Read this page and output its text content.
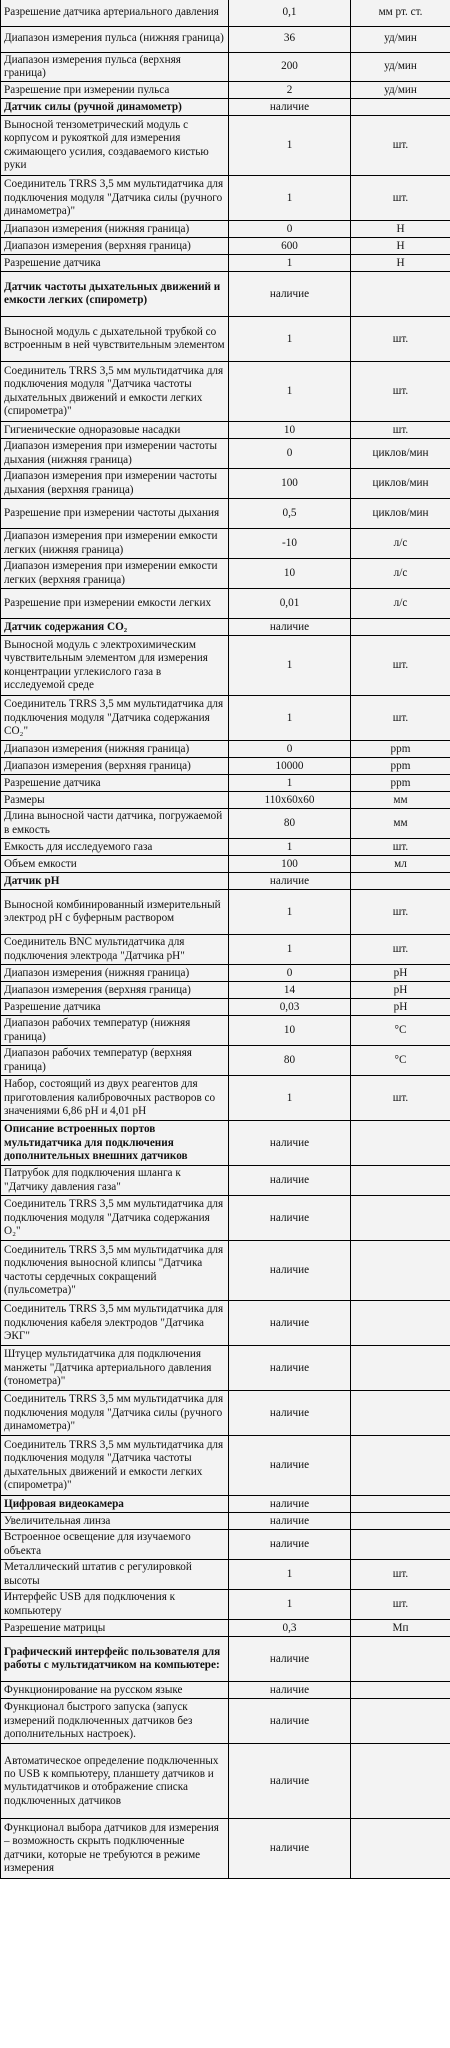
Разрешение датчика артериального давления	0,1	мм рт. ст.
Диапазон измерения пульса (нижняя граница)	36	уд/мин
Диапазон измерения пульса (верхняя граница)	200	уд/мин
Разрешение при измерении пульса	2	уд/мин
Датчик силы (ручной динамометр)	наличие	
Выносной тензометрический модуль с корпусом и рукояткой для измерения сжимающего усилия, создаваемого кистью руки	1	шт.
Соединитель TRRS 3,5 мм мультидатчика для подключения модуля "Датчика силы (ручного динамометра)"	1	шт.
Диапазон измерения (нижняя граница)	0	Н
Диапазон измерения (верхняя граница)	600	Н
Разрешение датчика	1	Н
Датчик частоты дыхательных движений и емкости легких (спирометр)	наличие	
Выносной модуль с дыхательной трубкой со встроенным в ней чувствительным элементом	1	шт.
Соединитель TRRS 3,5 мм мультидатчика для подключения модуля "Датчика частоты дыхательных движений и емкости легких (спирометра)"	1	шт.
Гигиенические одноразовые насадки	10	шт.
Диапазон измерения при измерении частоты дыхания (нижняя граница)	0	циклов/мин
Диапазон измерения при измерении частоты дыхания (верхняя граница)	100	циклов/мин
Разрешение при измерении частоты дыхания	0,5	циклов/мин
Диапазон измерения при измерении емкости легких (нижняя граница)	-10	л/с
Диапазон измерения при измерении емкости легких (верхняя граница)	10	л/с
Разрешение при измерении емкости легких	0,01	л/с
Датчик содержания CO₂	наличие	
Выносной модуль с электрохимическим чувствительным элементом для измерения концентрации углекислого газа в исследуемой среде	1	шт.
Соединитель TRRS 3,5 мм мультидатчика для подключения модуля "Датчика содержания CO₂"	1	шт.
Диапазон измерения (нижняя граница)	0	ppm
Диапазон измерения (верхняя граница)	10000	ppm
Разрешение датчика	1	ppm
Размеры	110х60х60	мм
Длина выносной части датчика, погружаемой в емкость	80	мм
Емкость для исследуемого газа	1	шт.
Объем емкости	100	мл
Датчик pH	наличие	
Выносной комбинированный измерительный электрод pH с буферным раствором	1	шт.
Соединитель BNC мультидатчика для подключения электрода "Датчика pH"	1	шт.
Диапазон измерения (нижняя граница)	0	pH
Диапазон измерения (верхняя граница)	14	pH
Разрешение датчика	0,03	pH
Диапазон рабочих температур (нижняя граница)	10	°C
Диапазон рабочих температур (верхняя граница)	80	°C
Набор, состоящий из двух реагентов для приготовления калибровочных растворов со значениями 6,86 pH и 4,01 pH	1	шт.
Описание встроенных портов мультидатчика для подключения дополнительных внешних датчиков	наличие	
Патрубок для подключения шланга к "Датчику давления газа"	наличие	
Соединитель TRRS 3,5 мм мультидатчика для подключения модуля "Датчика содержания O₂"	наличие	
Соединитель TRRS 3,5 мм мультидатчика для подключения выносной клипсы "Датчика частоты сердечных сокращений (пульсометра)"	наличие	
Соединитель TRRS 3,5 мм мультидатчика для подключения кабеля электродов "Датчика ЭКГ"	наличие	
Штуцер мультидатчика для подключения манжеты "Датчика артериального давления (тонометра)"	наличие	
Соединитель TRRS 3,5 мм мультидатчика для подключения модуля "Датчика силы (ручного динамометра)"	наличие	
Соединитель TRRS 3,5 мм мультидатчика для подключения модуля "Датчика частоты дыхательных движений и емкости легких (спирометра)"	наличие	
Цифровая видеокамера	наличие	
Увеличительная линза	наличие	
Встроенное освещение для изучаемого объекта	наличие	
Металлический штатив с регулировкой высоты	1	шт.
Интерфейс USB для подключения к компьютеру	1	шт.
Разрешение матрицы	0,3	Мп
Графический интерфейс пользователя для работы с мультидатчиком на компьютере:	наличие	
Функционирование на русском языке	наличие	
Функционал быстрого запуска (запуск измерений подключенных датчиков без дополнительных настроек).	наличие	
Автоматическое определение подключенных по USB к компьютеру, планшету датчиков и мультидатчиков и отображение списка подключенных датчиков	наличие	
Функционал выбора датчиков для измерения – возможность скрыть подключенные датчики, которые не требуются в режиме измерения	наличие	
